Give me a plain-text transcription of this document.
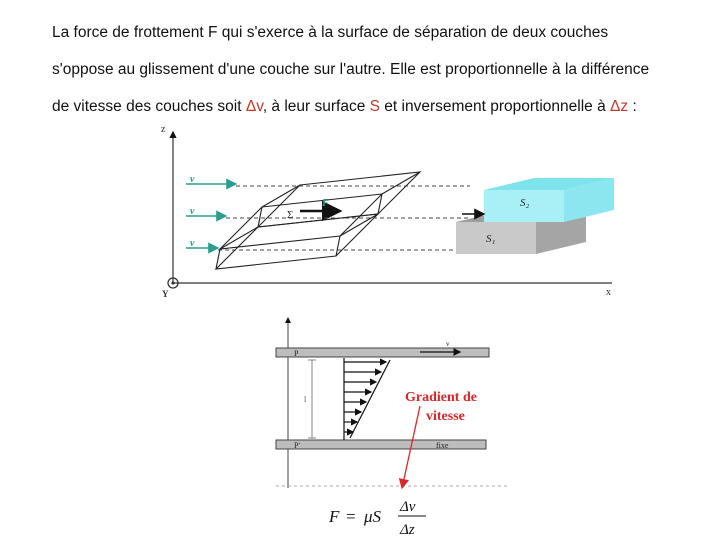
La force de frottement F qui s'exerce à la surface de séparation de deux couches

s'oppose au glissement d'une couche sur l'autre. Elle est proportionnelle à la différence

de vitesse des couches soit Δv, à leur surface S et inversement proportionnelle à Δz :

z
x
Y
v
v
v
F
Σ
S₂
S₁
P
v
P'	fixe
l	Gradient de
vitesse
F = μS Δv
Δz
